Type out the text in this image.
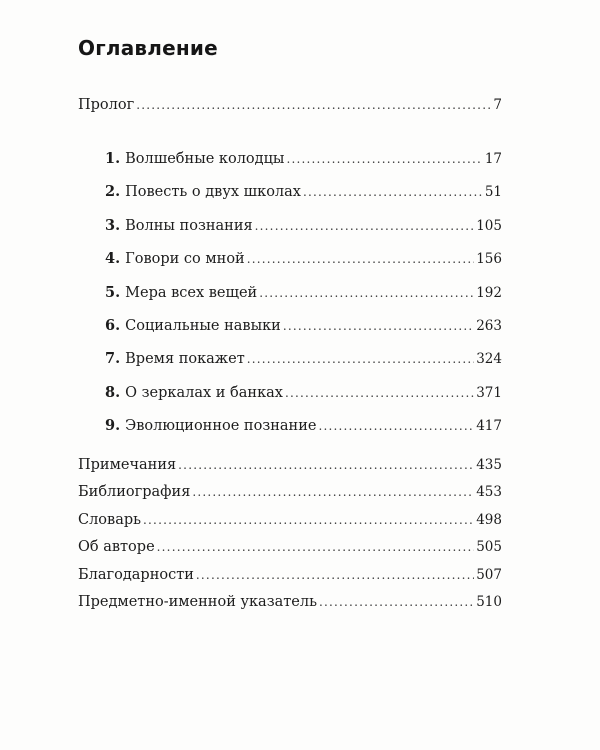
Оглавление
Пролог .....	7
1. Волшебные колодцы .....	17
2. Повесть о двух школах .....	51
3. Волны познания .....	105
4. Говори со мной .....	156
5. Мера всех вещей .....	192
6. Социальные навыки .....	263
7. Время покажет .....	324
8. О зеркалах и банках .....	371
9. Эволюционное познание .....	417
Примечания .....	435
Библиография .....	453
Словарь .....	498
Об авторе .....	505
Благодарности .....	507
Предметно-именной указатель .....	510
